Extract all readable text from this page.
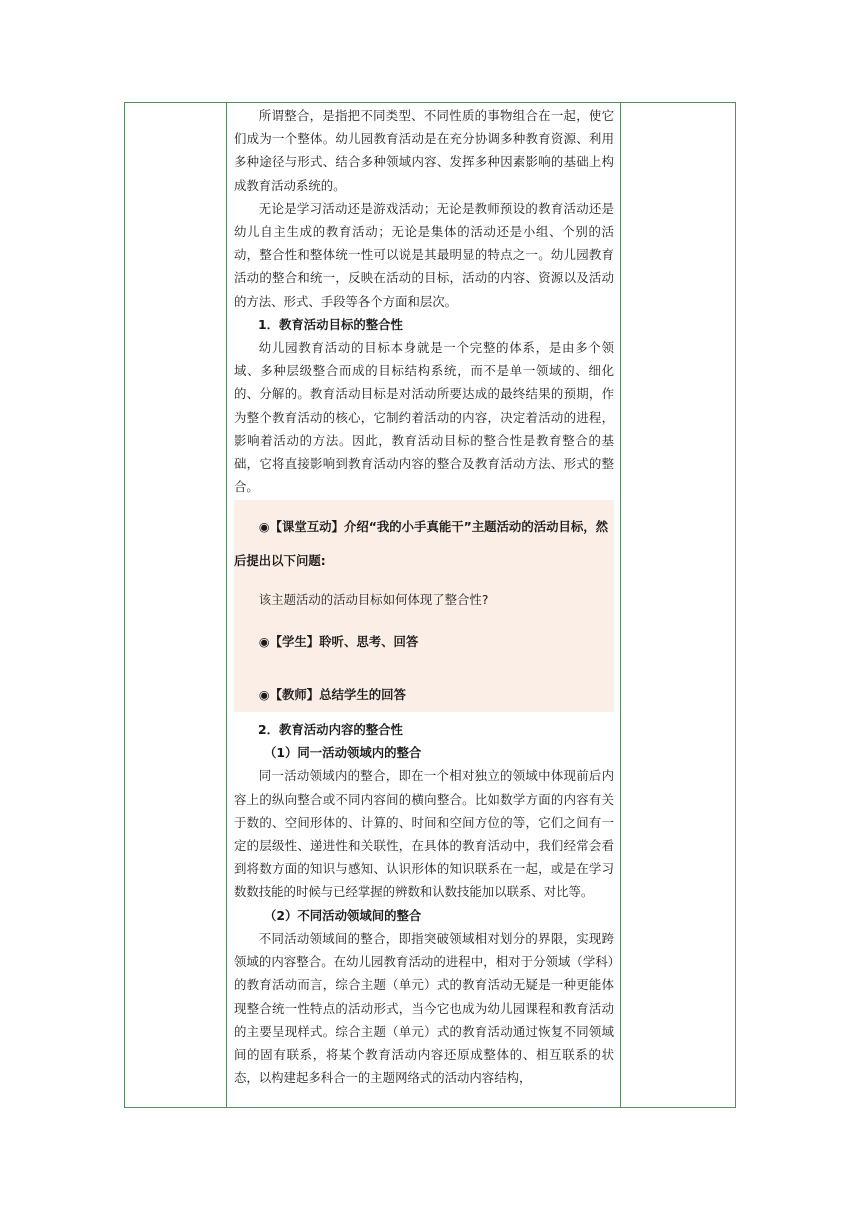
所谓整合，是指把不同类型、不同性质的事物组合在一起，使它们成为一个整体。幼儿园教育活动是在充分协调多种教育资源、利用多种途径与形式、结合多种领域内容、发挥多种因素影响的基础上构成教育活动系统的。

无论是学习活动还是游戏活动；无论是教师预设的教育活动还是幼儿自主生成的教育活动；无论是集体的活动还是小组、个别的活动，整合性和整体统一性可以说是其最明显的特点之一。幼儿园教育活动的整合和统一，反映在活动的目标，活动的内容、资源以及活动的方法、形式、手段等各个方面和层次。

1．教育活动目标的整合性

幼儿园教育活动的目标本身就是一个完整的体系，是由多个领域、多种层级整合而成的目标结构系统，而不是单一领域的、细化的、分解的。教育活动目标是对活动所要达成的最终结果的预期，作为整个教育活动的核心，它制约着活动的内容，决定着活动的进程，影响着活动的方法。因此，教育活动目标的整合性是教育整合的基础，它将直接影响到教育活动内容的整合及教育活动方法、形式的整合。

◉【课堂互动】介绍“我的小手真能干”主题活动的活动目标，然后提出以下问题:

该主题活动的活动目标如何体现了整合性?

◉【学生】聆听、思考、回答

◉【教师】总结学生的回答

2．教育活动内容的整合性

（1）同一活动领域内的整合

同一活动领域内的整合，即在一个相对独立的领域中体现前后内容上的纵向整合或不同内容间的横向整合。比如数学方面的内容有关于数的、空间形体的、计算的、时间和空间方位的等，它们之间有一定的层级性、递进性和关联性，在具体的教育活动中，我们经常会看到将数方面的知识与感知、认识形体的知识联系在一起，或是在学习数数技能的时候与已经掌握的辨数和认数技能加以联系、对比等。

（2）不同活动领域间的整合

不同活动领域间的整合，即指突破领域相对划分的界限，实现跨领域的内容整合。在幼儿园教育活动的进程中，相对于分领域（学科）的教育活动而言，综合主题（单元）式的教育活动无疑是一种更能体现整合统一性特点的活动形式，当今它也成为幼儿园课程和教育活动的主要呈现样式。综合主题（单元）式的教育活动通过恢复不同领域间的固有联系，将某个教育活动内容还原成整体的、相互联系的状态，以构建起多科合一的主题网络式的活动内容结构，
